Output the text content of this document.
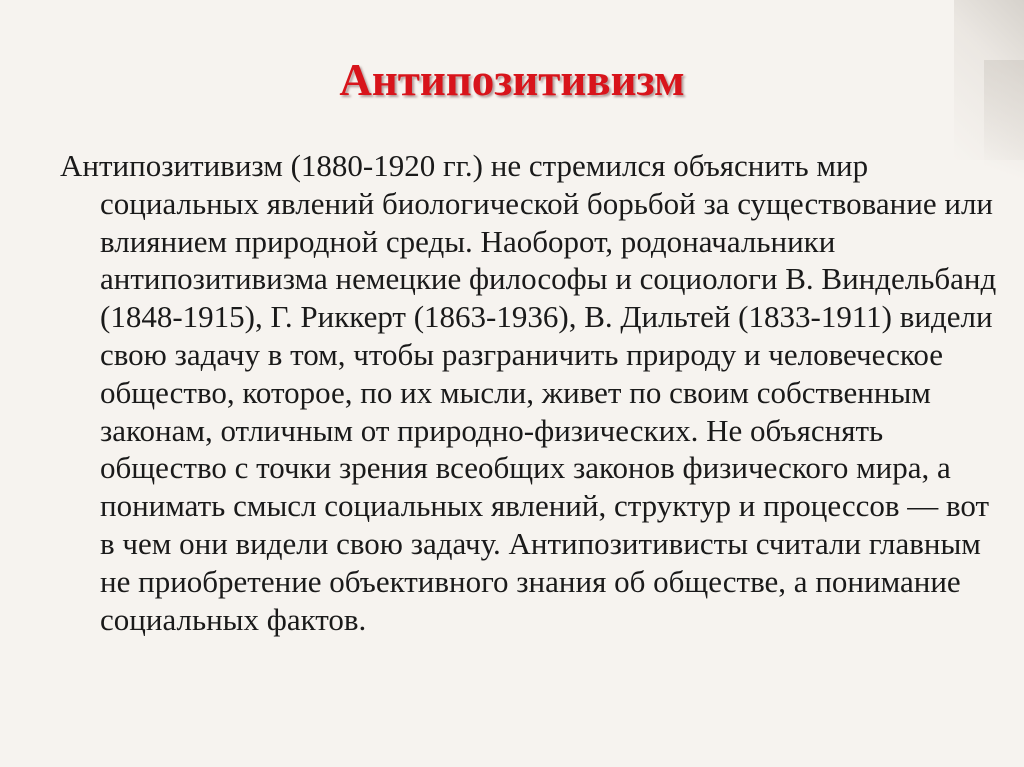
Антипозитивизм

Антипозитивизм (1880-1920 гг.) не стремился объяснить мир социальных явлений биологической борьбой за существование или влиянием природной среды. Наоборот, родоначальники антипозитивизма немецкие философы и социологи В. Виндельбанд (1848-1915), Г. Риккерт (1863-1936), В. Дильтей (1833-1911) видели свою задачу в том, чтобы разграничить природу и человеческое общество, которое, по их мысли, живет по своим собственным законам, отличным от природно-физических. Не объяснять общество с точки зрения всеобщих законов физического мира, а понимать смысл социальных явлений, структур и процессов — вот в чем они видели свою задачу. Антипозитивисты считали главным не приобретение объективного знания об обществе, а понимание социальных фактов.
